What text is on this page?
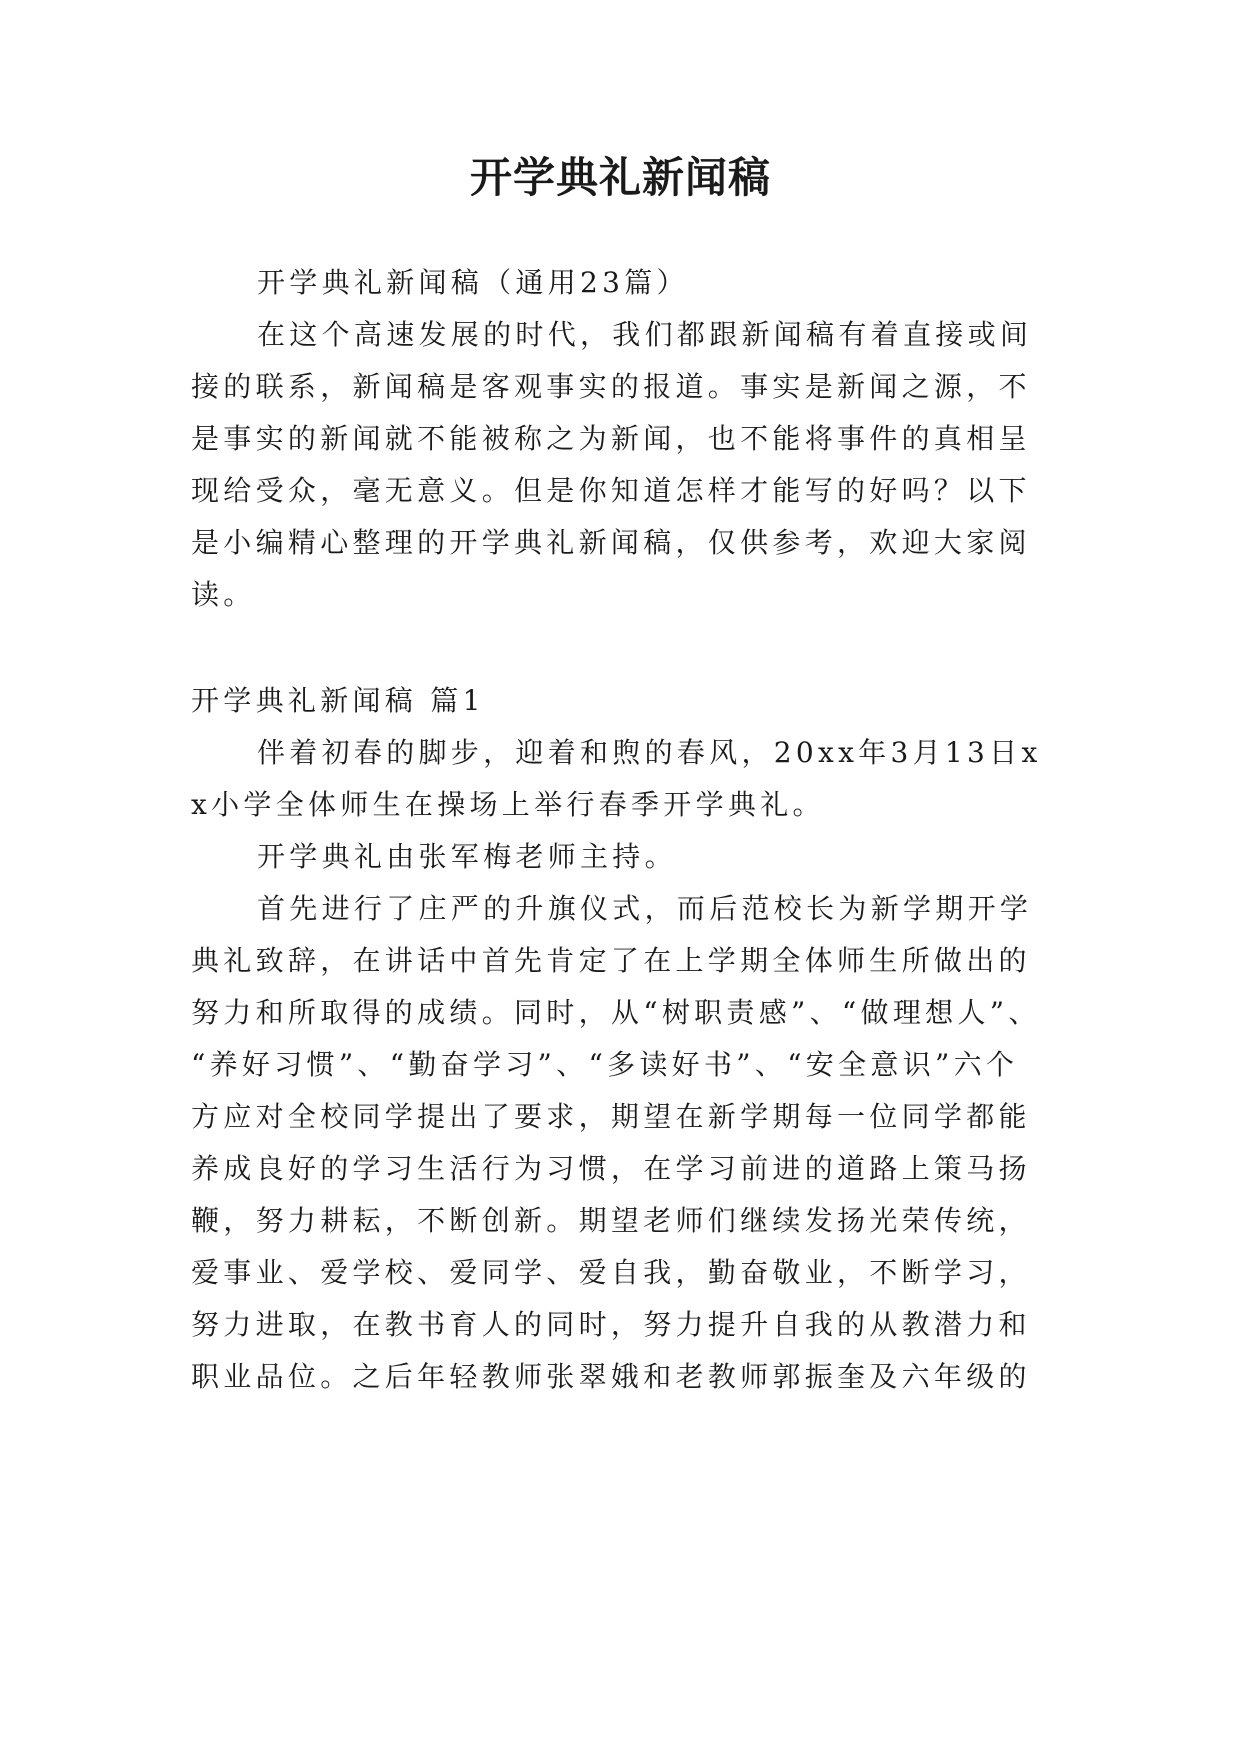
开学典礼新闻稿
开学典礼新闻稿（通用23篇）
在这个高速发展的时代，我们都跟新闻稿有着直接或间
接的联系，新闻稿是客观事实的报道。事实是新闻之源，不
是事实的新闻就不能被称之为新闻，也不能将事件的真相呈
现给受众，毫无意义。但是你知道怎样才能写的好吗？以下
是小编精心整理的开学典礼新闻稿，仅供参考，欢迎大家阅
读。
开学典礼新闻稿 篇1
伴着初春的脚步，迎着和煦的春风，20xx年3月13日x
x小学全体师生在操场上举行春季开学典礼。
开学典礼由张军梅老师主持。
首先进行了庄严的升旗仪式，而后范校长为新学期开学
典礼致辞，在讲话中首先肯定了在上学期全体师生所做出的
努力和所取得的成绩。同时，从“树职责感”、“做理想人”、
“养好习惯”、“勤奋学习”、“多读好书”、“安全意识”六个
方应对全校同学提出了要求，期望在新学期每一位同学都能
养成良好的学习生活行为习惯，在学习前进的道路上策马扬
鞭，努力耕耘，不断创新。期望老师们继续发扬光荣传统，
爱事业、爱学校、爱同学、爱自我，勤奋敬业，不断学习，
努力进取，在教书育人的同时，努力提升自我的从教潜力和
职业品位。之后年轻教师张翠娥和老教师郭振奎及六年级的
